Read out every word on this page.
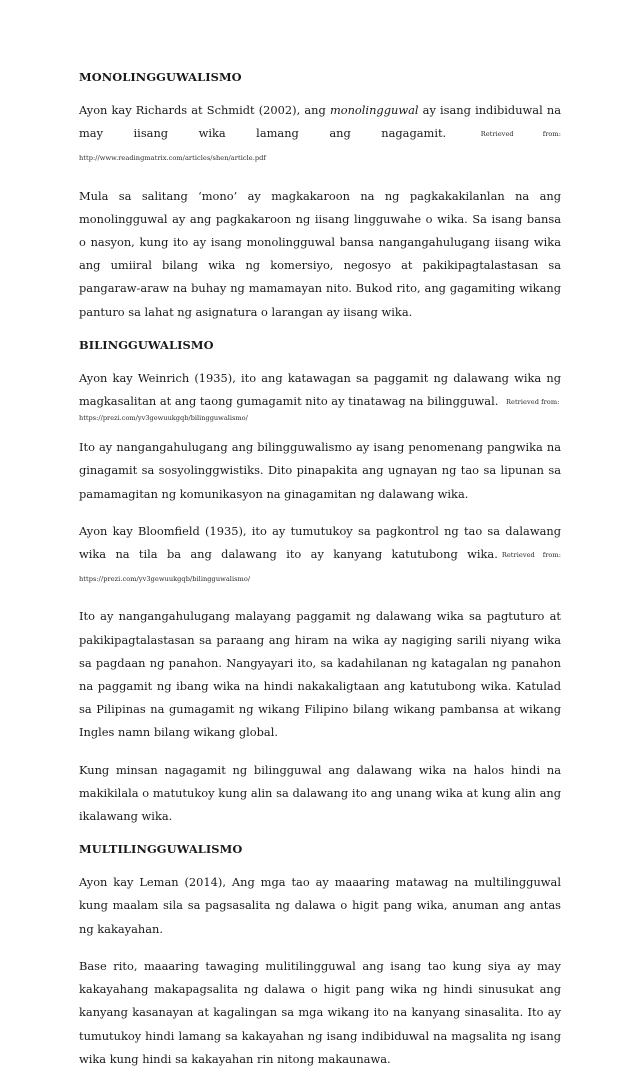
MONOLINGGUWALISMO

Ayon kay Richards at Schmidt (2002), ang monolingguwal ay isang indibiduwal na may iisang wika lamang ang nagagamit.	Retrieved from: http://www.readingmatrix.com/articles/shen/article.pdf

Mula sa salitang ‘mono’ ay magkakaroon na ng pagkakakilanlan na ang monolingguwal ay ang pagkakaroon ng iisang lingguwahe o wika. Sa isang bansa o nasyon, kung ito ay isang monolingguwal bansa nangangahulugang iisang wika ang umiiral bilang wika ng komersiyo, negosyo at pakikipagtalastasan sa pangaraw-araw na buhay ng mamamayan nito. Bukod rito, ang gagamiting wikang panturo sa lahat ng asignatura o larangan ay iisang wika.

BILINGGUWALISMO

Ayon kay Weinrich (1935), ito ang katawagan sa paggamit ng dalawang wika ng magkasalitan at ang taong gumagamit nito ay tinatawag na bilingguwal. Retrieved from:
https://prezi.com/yv3gewuukgqb/bilingguwalismo/

Ito ay nangangahulugang ang bilingguwalismo ay isang penomenang pangwika na ginagamit sa sosyolinggwistiks. Dito pinapakita ang ugnayan ng tao sa lipunan sa pamamagitan ng komunikasyon na ginagamitan ng dalawang wika.

Ayon kay Bloomfield (1935), ito ay tumutukoy sa pagkontrol ng tao sa dalawang wika na tila ba ang dalawang ito ay kanyang katutubong wika. Retrieved from: https://prezi.com/yv3gewuukgqb/bilingguwalismo/

Ito ay nangangahulugang malayang paggamit ng dalawang wika sa pagtuturo at pakikipagtalastasan sa paraang ang hiram na wika ay nagiging sarili niyang wika sa pagdaan ng panahon. Nangyayari ito, sa kadahilanan ng katagalan ng panahon na paggamit ng ibang wika na hindi nakakaligtaan ang katutubong wika. Katulad sa Pilipinas na gumagamit ng wikang Filipino bilang wikang pambansa at wikang Ingles namn bilang wikang global.

Kung minsan nagagamit ng bilingguwal ang dalawang wika na halos hindi na makikilala o matutukoy kung alin sa dalawang ito ang unang wika at kung alin ang ikalawang wika.

MULTILINGGUWALISMO

Ayon kay Leman (2014), Ang mga tao ay maaaring matawag na multilingguwal kung maalam sila sa pagsasalita ng dalawa o higit pang wika, anuman ang antas ng kakayahan.

Base rito, maaaring tawaging mulitilingguwal ang isang tao kung siya ay may kakayahang makapagsalita ng dalawa o higit pang wika ng hindi sinusukat ang kanyang kasanayan at kagalingan sa mga wikang ito na kanyang sinasalita. Ito ay tumutukoy hindi lamang sa kakayahan ng isang indibiduwal na magsalita ng isang wika kung hindi sa kakayahan rin nitong makaunawa.
